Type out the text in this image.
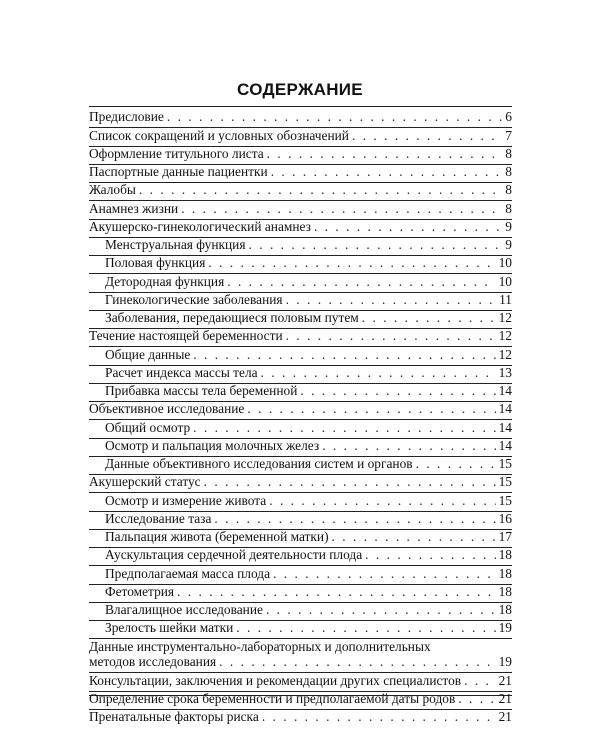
СОДЕРЖАНИЕ
Предисловие . . .	6
Список сокращений и условных обозначений . . .	7
Оформление титульного листа . . .	8
Паспортные данные пациентки . . .	8
Жалобы . . .	8
Анамнез жизни . . .	8
Акушерско-гинекологический анамнез . . .	9
Менструальная функция . . .	9
Половая функция . . .	10
Детородная функция . . .	10
Гинекологические заболевания . . .	11
Заболевания, передающиеся половым путем . . .	12
Течение настоящей беременности . . .	12
Общие данные . . .	12
Расчет индекса массы тела . . .	13
Прибавка массы тела беременной . . .	14
Объективное исследование . . .	14
Общий осмотр . . .	14
Осмотр и пальпация молочных желез . . .	14
Данные объективного исследования систем и органов . . .	15
Акушерский статус . . .	15
Осмотр и измерение живота . . .	15
Исследование таза . . .	16
Пальпация живота (беременной матки) . . .	17
Аускультация сердечной деятельности плода . . .	18
Предполагаемая масса плода . . .	18
Фетометрия . . .	18
Влагалищное исследование . . .	18
Зрелость шейки матки . . .	19
Данные инструментально-лабораторных и дополнительных
методов исследования . . .	19
Консультации, заключения и рекомендации других специалистов . . .	21
Определение срока беременности и предполагаемой даты родов . . .	21
Пренатальные факторы риска . . .	21
